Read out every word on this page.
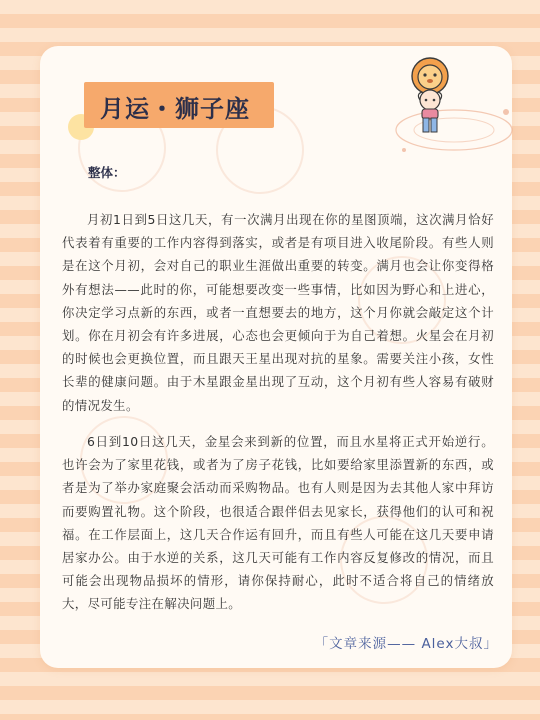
月运・狮子座
整体：

月初1日到5日这几天，有一次满月出现在你的星图顶端，这次满月恰好代表着有重要的工作内容得到落实，或者是有项目进入收尾阶段。有些人则是在这个月初，会对自己的职业生涯做出重要的转变。满月也会让你变得格外有想法——此时的你，可能想要改变一些事情，比如因为野心和上进心，你决定学习点新的东西，或者一直想要去的地方，这个月你就会敲定这个计划。你在月初会有许多进展，心态也会更倾向于为自己着想。火星会在月初的时候也会更换位置，而且跟天王星出现对抗的星象。需要关注小孩，女性长辈的健康问题。由于木星跟金星出现了互动，这个月初有些人容易有破财的情况发生。

6日到10日这几天，金星会来到新的位置，而且水星将正式开始逆行。也许会为了家里花钱，或者为了房子花钱，比如要给家里添置新的东西，或者是为了举办家庭聚会活动而采购物品。也有人则是因为去其他人家中拜访而要购置礼物。这个阶段，也很适合跟伴侣去见家长，获得他们的认可和祝福。在工作层面上，这几天合作运有回升，而且有些人可能在这几天要申请居家办公。由于水逆的关系，这几天可能有工作内容反复修改的情况，而且可能会出现物品损坏的情形，请你保持耐心，此时不适合将自己的情绪放大，尽可能专注在解决问题上。

「文章来源—— Alex大叔」
